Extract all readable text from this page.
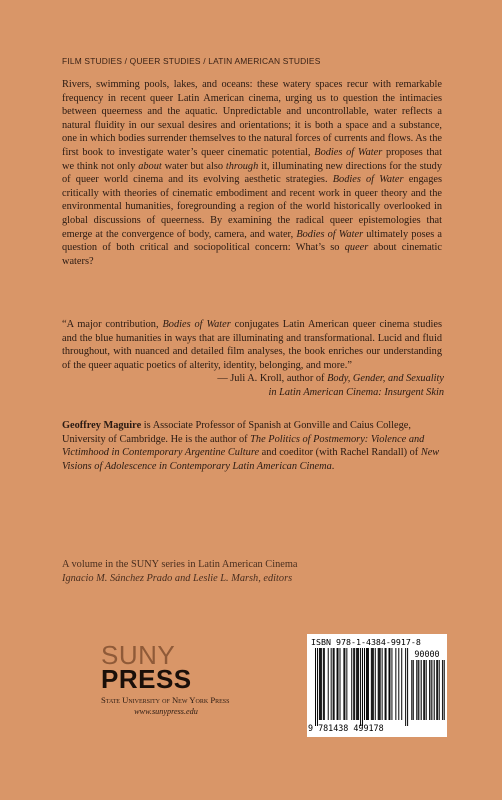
FILM STUDIES / QUEER STUDIES / LATIN AMERICAN STUDIES

Rivers, swimming pools, lakes, and oceans: these watery spaces recur with remarkable frequency in recent queer Latin American cinema, urging us to question the intimacies between queerness and the aquatic. Unpredictable and uncontrollable, water reflects a natural fluidity in our sexual desires and orientations; it is both a space and a substance, one in which bodies surrender themselves to the natural forces of currents and flows. As the first book to investigate water’s queer cinematic potential, Bodies of Water proposes that we think not only about water but also through it, illuminating new directions for the study of queer world cinema and its evolving aesthetic strategies. Bodies of Water engages critically with theories of cinematic embodiment and recent work in queer theory and the environmental humanities, foregrounding a region of the world historically overlooked in global discussions of queerness. By examining the radical queer epistemologies that emerge at the convergence of body, camera, and water, Bodies of Water ultimately poses a question of both critical and sociopolitical concern: What’s so queer about cinematic waters?

“A major contribution, Bodies of Water conjugates Latin American queer cinema studies and the blue humanities in ways that are illuminating and transformational. Lucid and fluid throughout, with nuanced and detailed film analyses, the book enriches our understanding of the queer aquatic poetics of alterity, identity, belonging, and more.”

— Juli A. Kroll, author of Body, Gender, and Sexuality
in Latin American Cinema: Insurgent Skin

Geoffrey Maguire is Associate Professor of Spanish at Gonville and Caius College, University of Cambridge. He is the author of The Politics of Postmemory: Violence and Victimhood in Contemporary Argentine Culture and coeditor (with Rachel Randall) of New Visions of Adolescence in Contemporary Latin American Cinema.

A volume in the SUNY series in Latin American Cinema
Ignacio M. Sánchez Prado and Leslie L. Marsh, editors
SUNY
PRESS
State University of New York Press
www.sunypress.edu
ISBN 978-1-4384-9917-8
9 781438 499178
90000
